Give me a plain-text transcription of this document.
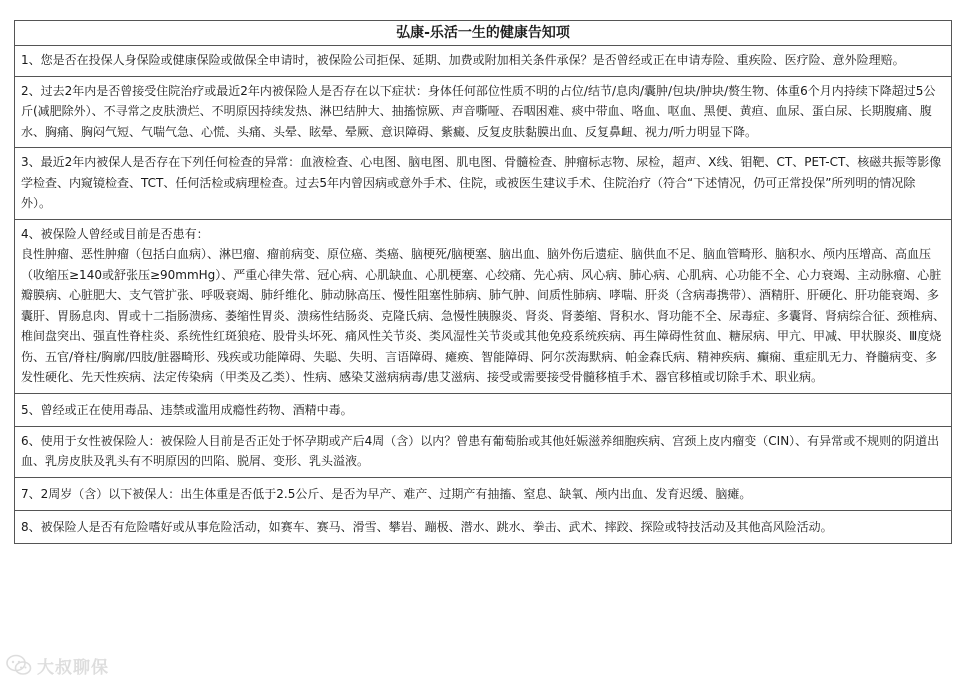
弘康-乐活一生的健康告知项
1、您是否在投保人身保险或健康保险或做保全申请时，被保险公司拒保、延期、加费或附加相关条件承保？是否曾经或正在申请寿险、重疾险、医疗险、意外险理赔。
2、过去2年内是否曾接受住院治疗或最近2年内被保险人是否存在以下症状：身体任何部位性质不明的占位/结节/息肉/囊肿/包块/肿块/赘生物、体重6个月内持续下降超过5公斤(减肥除外）、不寻常之皮肤溃烂、不明原因持续发热、淋巴结肿大、抽搐惊厥、声音嘶哑、吞咽困难、痰中带血、咯血、呕血、黑便、黄疸、血尿、蛋白尿、长期腹痛、腹水、胸痛、胸闷气短、气喘气急、心慌、头痛、头晕、眩晕、晕厥、意识障碍、紫癜、反复皮肤黏膜出血、反复鼻衄、视力/听力明显下降。
3、最近2年内被保人是否存在下列任何检查的异常：血液检查、心电图、脑电图、肌电图、骨髓检查、肿瘤标志物、尿检，超声、X线、钼靶、CT、PET-CT、核磁共振等影像学检查、内窥镜检查、TCT、任何活检或病理检查。过去5年内曾因病或意外手术、住院，或被医生建议手术、住院治疗（符合“下述情况，仍可正常投保”所列明的情况除外）。

4、被保险人曾经或目前是否患有：
良性肿瘤、恶性肿瘤（包括白血病）、淋巴瘤、瘤前病变、原位癌、类癌、脑梗死/脑梗塞、脑出血、脑外伤后遗症、脑供血不足、脑血管畸形、脑积水、颅内压增高、高血压（收缩压≥140或舒张压≥90mmHg）、严重心律失常、冠心病、心肌缺血、心肌梗塞、心绞痛、先心病、风心病、肺心病、心肌病、心功能不全、心力衰竭、主动脉瘤、心脏瓣膜病、心脏肥大、支气管扩张、呼吸衰竭、肺纤维化、肺动脉高压、慢性阻塞性肺病、肺气肿、间质性肺病、哮喘、肝炎（含病毒携带）、酒精肝、肝硬化、肝功能衰竭、多囊肝、胃肠息肉、胃或十二指肠溃疡、萎缩性胃炎、溃疡性结肠炎、克隆氏病、急慢性胰腺炎、肾炎、肾萎缩、肾积水、肾功能不全、尿毒症、多囊肾、肾病综合征、颈椎病、椎间盘突出、强直性脊柱炎、系统性红斑狼疮、股骨头坏死、痛风性关节炎、类风湿性关节炎或其他免疫系统疾病、再生障碍性贫血、糖尿病、甲亢、甲减、甲状腺炎、Ⅲ度烧伤、五官/脊柱/胸廓/四肢/脏器畸形、残疾或功能障碍、失聪、失明、言语障碍、瘫痪、智能障碍、阿尔茨海默病、帕金森氏病、精神疾病、癫痫、重症肌无力、脊髓病变、多发性硬化、先天性疾病、法定传染病（甲类及乙类）、性病、感染艾滋病病毒/患艾滋病、接受或需要接受骨髓移植手术、器官移植或切除手术、职业病。

5、曾经或正在使用毒品、违禁或滥用成瘾性药物、酒精中毒。
6、使用于女性被保险人：被保险人目前是否正处于怀孕期或产后4周（含）以内？曾患有葡萄胎或其他妊娠滋养细胞疾病、宫颈上皮内瘤变（CIN）、有异常或不规则的阴道出血、乳房皮肤及乳头有不明原因的凹陷、脱屑、变形、乳头溢液。
7、2周岁（含）以下被保人：出生体重是否低于2.5公斤、是否为早产、难产、过期产有抽搐、窒息、缺氧、颅内出血、发育迟缓、脑瘫。
8、被保险人是否有危险嗜好或从事危险活动，如赛车、赛马、滑雪、攀岩、蹦极、潜水、跳水、拳击、武术、摔跤、探险或特技活动及其他高风险活动。
大叔聊保
